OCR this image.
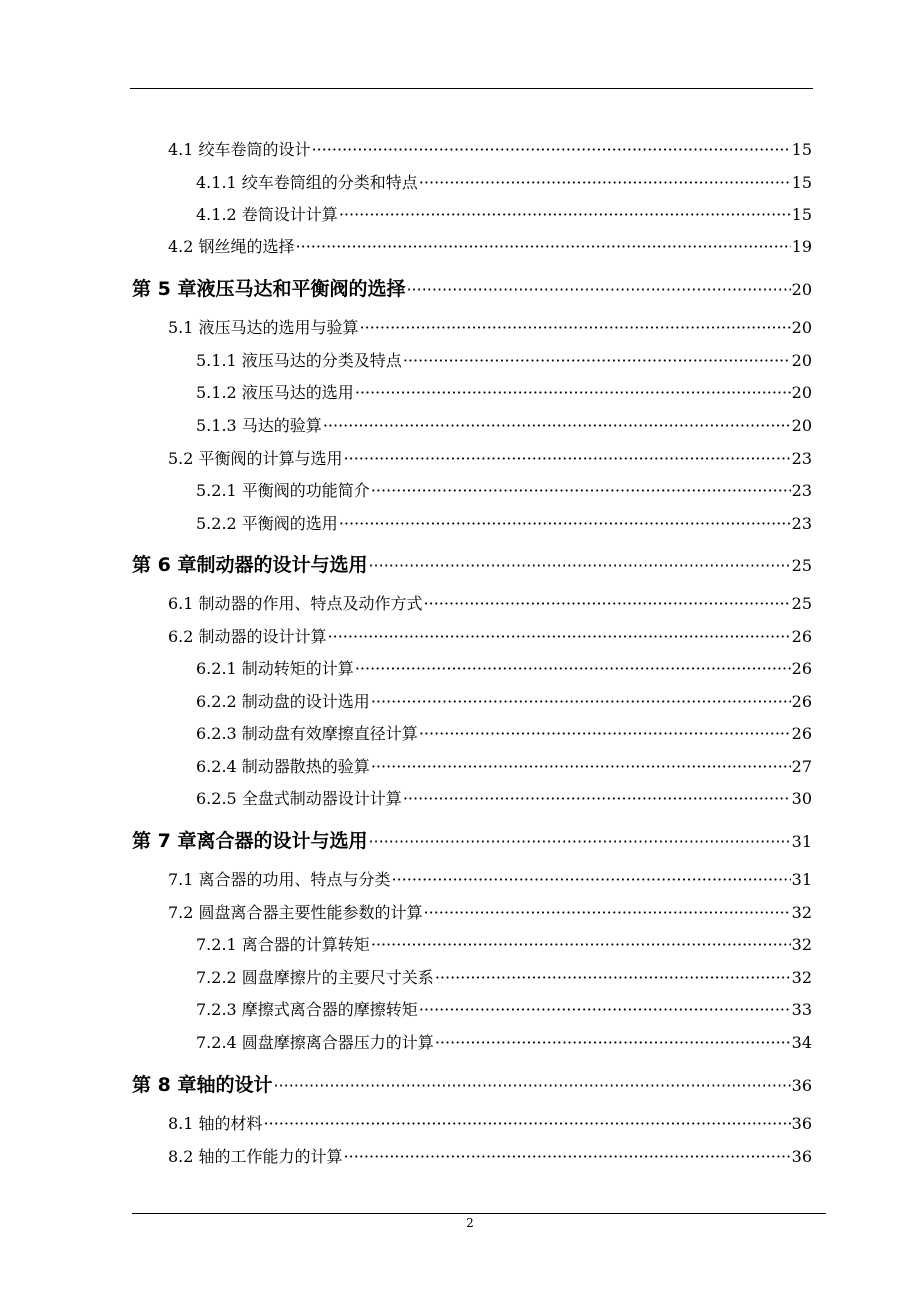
4.1 绞车卷筒的设计 ·····	15
4.1.1 绞车卷筒组的分类和特点 ·····	15
4.1.2 卷筒设计计算 ·····	15
4.2 钢丝绳的选择 ·····	19
第 5 章液压马达和平衡阀的选择 ·····	20
5.1 液压马达的选用与验算 ·····	20
5.1.1 液压马达的分类及特点 ·····	20
5.1.2 液压马达的选用 ·····	20
5.1.3 马达的验算 ·····	20
5.2 平衡阀的计算与选用 ·····	23
5.2.1 平衡阀的功能简介 ·····	23
5.2.2 平衡阀的选用 ·····	23
第 6 章制动器的设计与选用 ·····	25
6.1 制动器的作用、特点及动作方式 ·····	25
6.2 制动器的设计计算 ·····	26
6.2.1 制动转矩的计算 ·····	26
6.2.2 制动盘的设计选用 ·····	26
6.2.3 制动盘有效摩擦直径计算 ·····	26
6.2.4 制动器散热的验算 ·····	27
6.2.5 全盘式制动器设计计算 ·····	30
第 7 章离合器的设计与选用 ·····	31
7.1 离合器的功用、特点与分类 ·····	31
7.2 圆盘离合器主要性能参数的计算 ·····	32
7.2.1 离合器的计算转矩 ·····	32
7.2.2 圆盘摩擦片的主要尺寸关系 ·····	32
7.2.3 摩擦式离合器的摩擦转矩 ·····	33
7.2.4 圆盘摩擦离合器压力的计算 ·····	34
第 8 章轴的设计 ·····	36
8.1 轴的材料 ·····	36
8.2 轴的工作能力的计算 ·····	36
2
